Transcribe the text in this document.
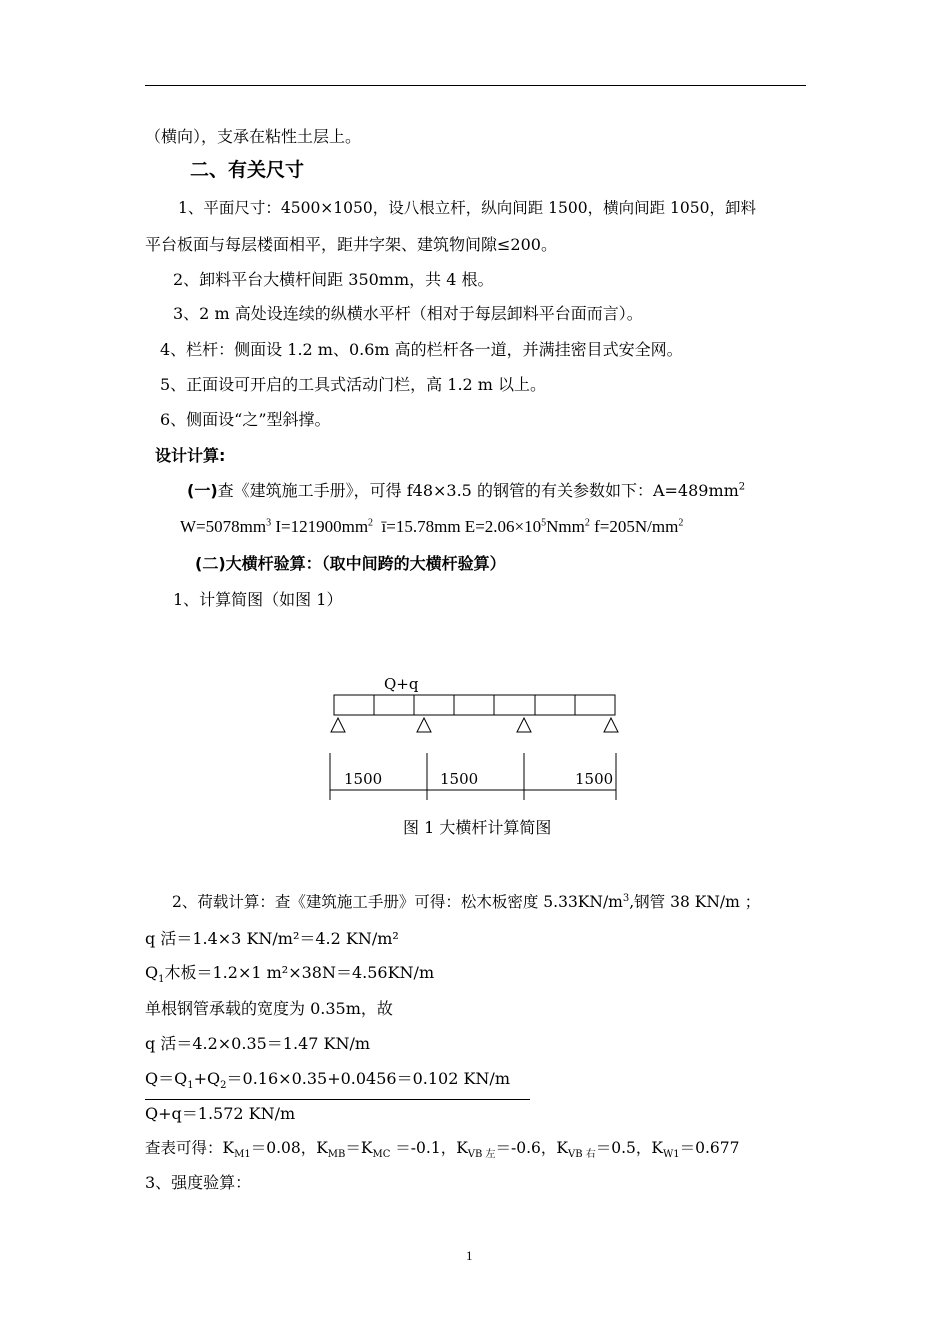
（横向），支承在粘性土层上。
二、有关尺寸
1、平面尺寸：4500×1050，设八根立杆，纵向间距 1500，横向间距 1050，卸料
平台板面与每层楼面相平，距井字架、建筑物间隙≤200。
2、卸料平台大横杆间距 350mm，共 4 根。
3、2 m 高处设连续的纵横水平杆（相对于每层卸料平台面而言）。
4、栏杆：侧面设 1.2 m、0.6m 高的栏杆各一道，并满挂密目式安全网。
5、正面设可开启的工具式活动门栏，高 1.2 m 以上。
6、侧面设“之”型斜撑。
设计计算:
(一)查《建筑施工手册》，可得 f48×3.5 的钢管的有关参数如下：$A=489mm^2$
$W=5078mm^3$ $I=121900mm^2$ ī=15.78mm $E=2.06\times 10^5Nmm^2$ $f=205N/mm^2$
(二)大横杆验算：（取中间跨的大横杆验算）
1、计算简图（如图 1）
Q+q
1500	1500	1500
图 1 大横杆计算简图
2、荷载计算：查《建筑施工手册》可得：松木板密度 $5.33KN/m^3$,钢管 38 KN/m ；
q 活＝1.4×3 KN/m²＝4.2 KN/m²
$Q_1$木板＝1.2×1 m²×38N＝4.56KN/m
单根钢管承载的宽度为 0.35m，故
q 活＝4.2×0.35＝1.47 KN/m
$Q=Q_1+Q_2=0.16\times 0.35+0.0456=0.102$ KN/m
Q+q＝1.572 KN/m
查表可得：$K_{M1}=0.08$，$K_{MB}=K_{MC} =-0.1$，$K_{VB 左}=-0.6$，$K_{VB 右}=0.5$，$K_{W1}=0.677$
3、强度验算：
1
